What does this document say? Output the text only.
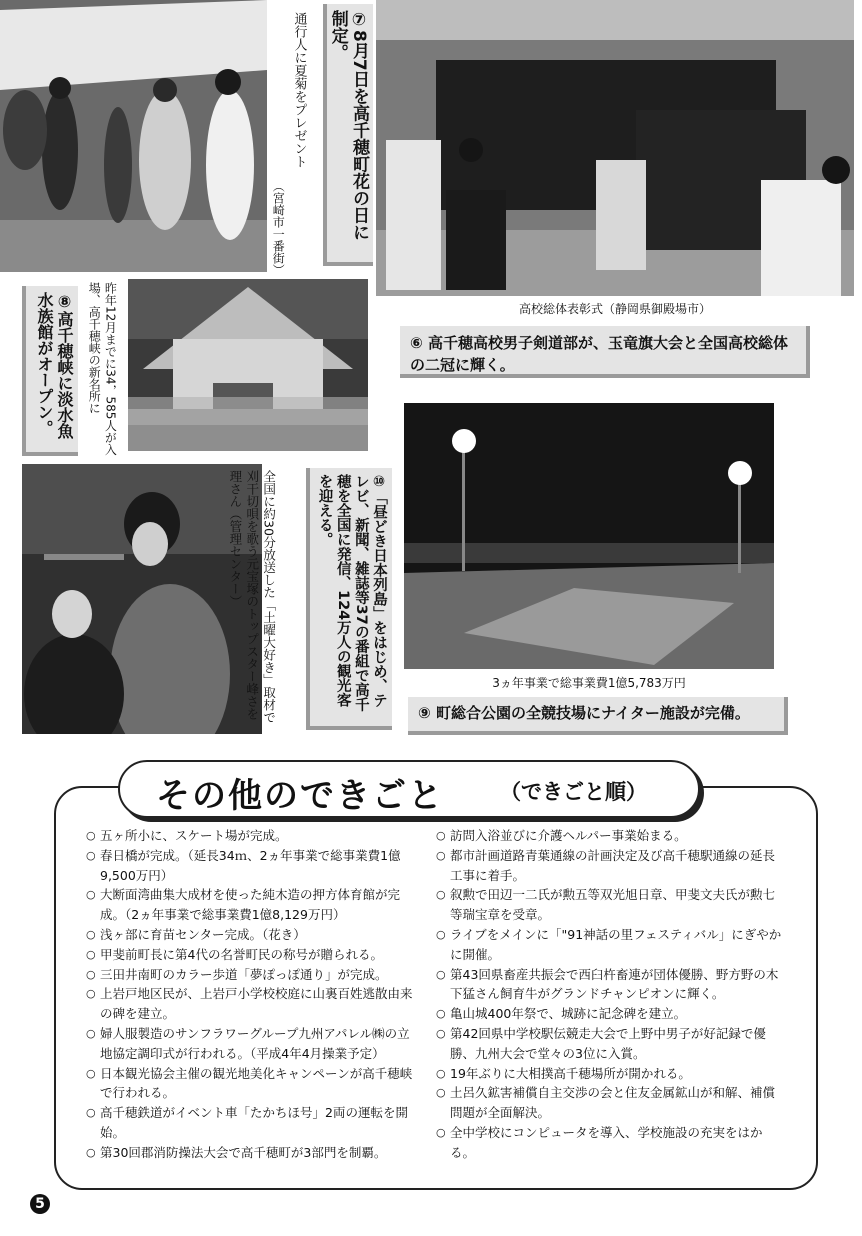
⑦8月7日を高千穂町花の日に制定。
通行人に夏菊をプレゼント
（宮崎市一番街）
高校総体表彰式（静岡県御殿場市）
⑥ 高千穂高校男子剣道部が、玉竜旗大会と全国高校総体の二冠に輝く。
⑧高千穂峡に淡水魚水族館がオープン。	昨年12月までに34，585人が入場、高千穂峡の新名所に
⑩「昼どき日本列島」をはじめ、テレビ、新聞、雑誌等37の番組で高千穂を全国に発信、124万人の観光客を迎える。
全国に約30分放送した「土曜大好き」取材で刈干切唄を歌う元宝塚のトップスター峰さを理さん（管理センター）
3ヵ年事業で総事業費1億5,783万円
⑨ 町総合公園の全競技場にナイター施設が完備。
その他のできごと	（できごと順）
○ 五ヶ所小に、スケート場が完成。
○ 春日橋が完成。（延長34ｍ、2ヵ年事業で総事業費1億9,500万円）
○ 大断面湾曲集大成材を使った純木造の押方体育館が完成。（2ヵ年事業で総事業費1億8,129万円）
○ 浅ヶ部に育苗センター完成。（花き）
○ 甲斐前町長に第4代の名誉町民の称号が贈られる。
○ 三田井南町のカラー歩道「夢ぽっぽ通り」が完成。
○ 上岩戸地区民が、上岩戸小学校校庭に山裏百姓逃散由来の碑を建立。
○ 婦人服製造のサンフラワーグループ九州アパレル㈱の立地協定調印式が行われる。（平成4年4月操業予定）
○ 日本観光協会主催の観光地美化キャンペーンが高千穂峡で行われる。
○ 高千穂鉄道がイベント車「たかちほ号」2両の運転を開始。
○ 第30回郡消防操法大会で高千穂町が3部門を制覇。
○ 訪問入浴並びに介護ヘルパー事業始まる。
○ 都市計画道路青葉通線の計画決定及び高千穂駅通線の延長工事に着手。
○ 叙勲で田辺一二氏が勲五等双光旭日章、甲斐文夫氏が勲七等瑞宝章を受章。
○ ライブをメインに「"91神話の里フェスティバル」にぎやかに開催。
○ 第43回県畜産共振会で西臼杵畜連が団体優勝、野方野の木下猛さん飼育牛がグランドチャンピオンに輝く。
○ 亀山城400年祭で、城跡に記念碑を建立。
○ 第42回県中学校駅伝競走大会で上野中男子が好記録で優勝、九州大会で堂々の3位に入賞。
○ 19年ぶりに大相撲高千穂場所が開かれる。
○ 土呂久鉱害補償自主交渉の会と住友金属鉱山が和解、補償問題が全面解決。
○ 全中学校にコンピュータを導入、学校施設の充実をはかる。
5
